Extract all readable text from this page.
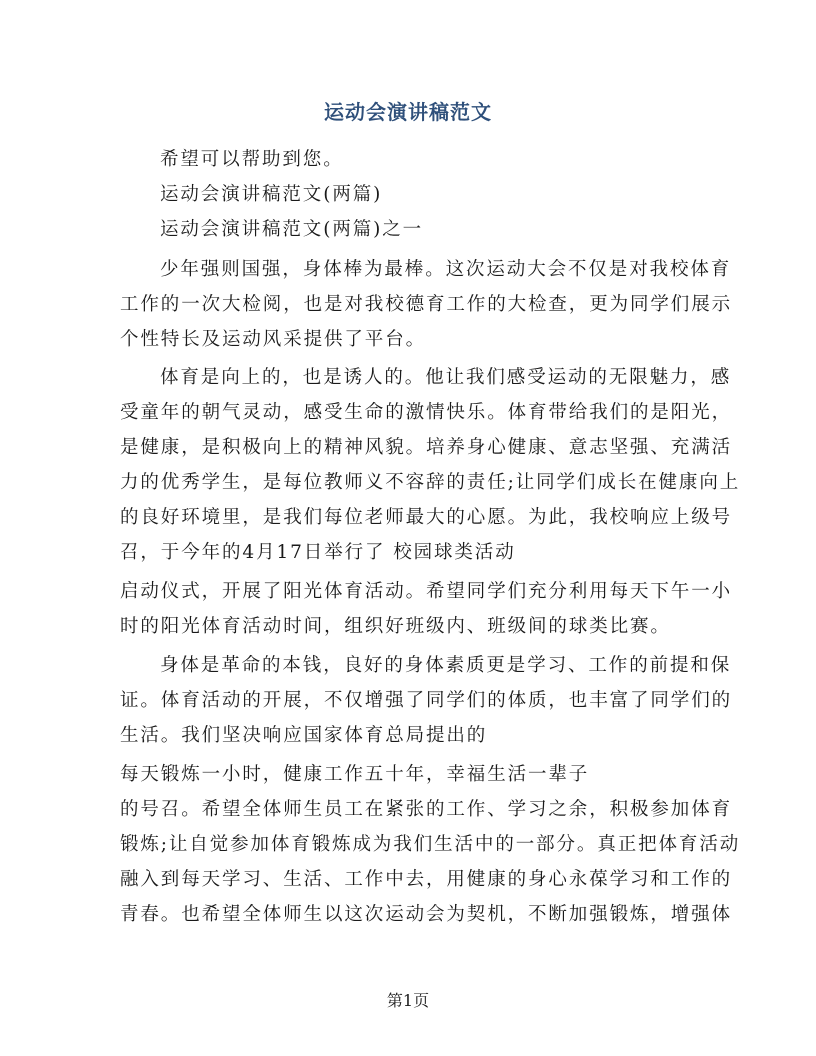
运动会演讲稿范文
希望可以帮助到您。
运动会演讲稿范文(两篇)
运动会演讲稿范文(两篇)之一
少年强则国强，身体棒为最棒。这次运动大会不仅是对我校体育
工作的一次大检阅，也是对我校德育工作的大检查，更为同学们展示
个性特长及运动风采提供了平台。
体育是向上的，也是诱人的。他让我们感受运动的无限魅力，感
受童年的朝气灵动，感受生命的激情快乐。体育带给我们的是阳光，
是健康，是积极向上的精神风貌。培养身心健康、意志坚强、充满活
力的优秀学生，是每位教师义不容辞的责任;让同学们成长在健康向上
的良好环境里，是我们每位老师最大的心愿。为此，我校响应上级号
召，于今年的4月17日举行了 校园球类活动
启动仪式，开展了阳光体育活动。希望同学们充分利用每天下午一小
时的阳光体育活动时间，组织好班级内、班级间的球类比赛。
身体是革命的本钱，良好的身体素质更是学习、工作的前提和保
证。体育活动的开展，不仅增强了同学们的体质，也丰富了同学们的
生活。我们坚决响应国家体育总局提出的
每天锻炼一小时，健康工作五十年，幸福生活一辈子
的号召。希望全体师生员工在紧张的工作、学习之余，积极参加体育
锻炼;让自觉参加体育锻炼成为我们生活中的一部分。真正把体育活动
融入到每天学习、生活、工作中去，用健康的身心永葆学习和工作的
青春。也希望全体师生以这次运动会为契机，不断加强锻炼，增强体
第1页
